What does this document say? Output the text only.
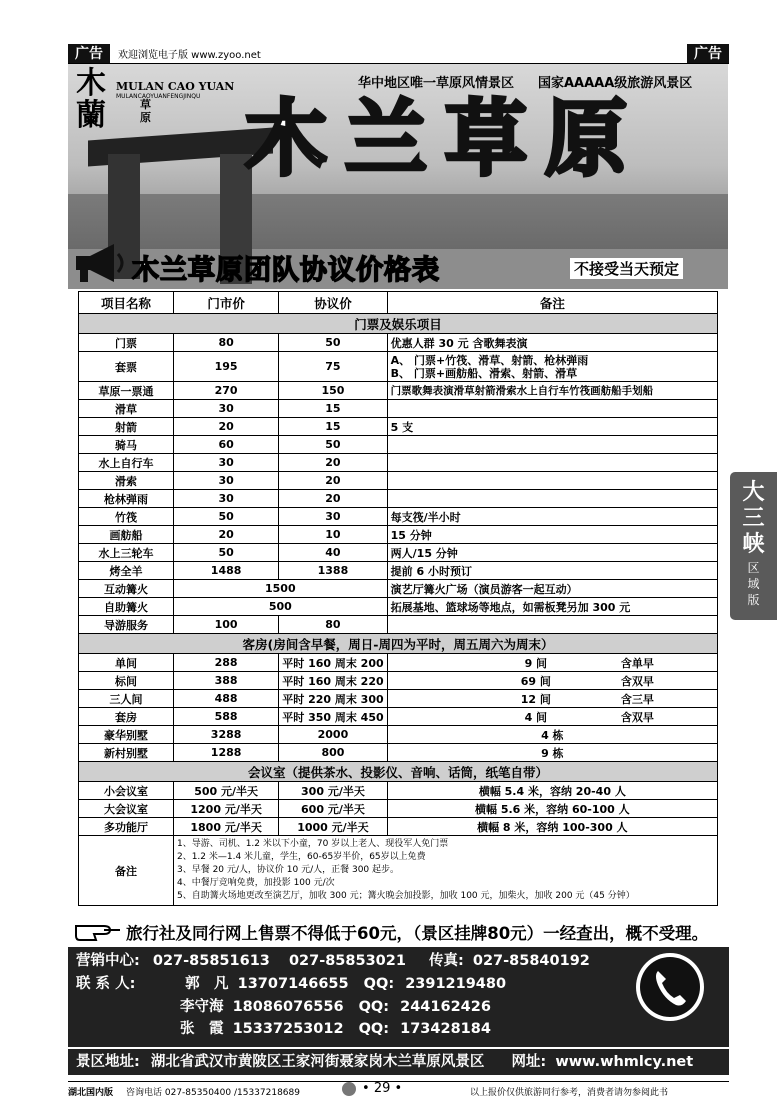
广告	欢迎浏览电子版 www.zyoo.net	广告
木蘭	草原
MULAN CAO YUAN
MULANCAOYUANFENGJINQU
华中地区唯一草原风情景区 国家AAAAA级旅游风景区
木兰草原
木兰草原团队协议价格表	不接受当天预定
大三峡
区域版
项目名称	门市价	协议价	备注
门票及娱乐项目			
门票	80	50	优惠人群 30 元 含歌舞表演
套票	195	75	A、 门票+竹筏、滑草、射箭、枪林弹雨
B、 门票+画舫船、滑索、射箭、滑草

草原一票通	270	150	门票歌舞表演滑草射箭滑索水上自行车竹筏画舫船手划船
滑草	30	15	
射箭	20	15	5 支
骑马	60	50	
水上自行车	30	20	
滑索	30	20	
枪林弹雨	30	20	
竹筏	50	30	每支筏/半小时
画舫船	20	10	15 分钟
水上三轮车	50	40	两人/15 分钟
烤全羊	1488	1388	提前 6 小时预订
互动篝火	1500		演艺厅篝火广场（演员游客一起互动）
自助篝火	500		拓展基地、篮球场等地点，如需板凳另加 300 元
导游服务	100	80	
客房(房间含早餐，周日-周四为平时，周五周六为周末）			
单间	288	平时 160 周末 200	9 间 含单早
标间	388	平时 160 周末 220	69 间 含双早
三人间	488	平时 220 周末 300	12 间 含三早
套房	588	平时 350 周末 450	4 间 含双早
豪华别墅	3288	2000	4 栋
新村别墅	1288	800	9 栋
会议室（提供茶水、投影仪、音响、话筒，纸笔自带）			
小会议室	500 元/半天	300 元/半天	横幅 5.4 米，容纳 20-40 人
大会议室	1200 元/半天	600 元/半天	横幅 5.6 米，容纳 60-100 人
多功能厅	1800 元/半天	1000 元/半天	横幅 8 米，容纳 100-300 人
备注	1、导游、司机、1.2 米以下小童，70 岁以上老人、现役军人免门票
2、1.2 米—1.4 米儿童，学生，60-65岁半价，65岁以上免费
3、早餐 20 元/人，协议价 10 元/人，正餐 300 起步。
4、中餐厅竞响免费，加投影 100 元/次
5、自助篝火场地更改至演艺厅，加收 300 元；篝火晚会加投影，加收 100 元，加柴火，加收 200 元（45 分钟）		
旅行社及同行网上售票不得低于60元，（景区挂牌80元）一经查出，概不受理。
营销中心: 027-85851613 027-85853021 传真: 027-85840192
联 系 人:	郭　凡 13707146655 QQ: 2391219480
李守海 18086076556 QQ: 244162426
张　霞 15337253012 QQ: 173428184
景区地址: 湖北省武汉市黄陂区王家河街聂家岗木兰草原风景区 网址: www.whmlcy.net
湖北国内版 咨询电话 027-85350400 /15337218689	• 29 •	以上报价仅供旅游同行参考，消费者请勿参阅此书
